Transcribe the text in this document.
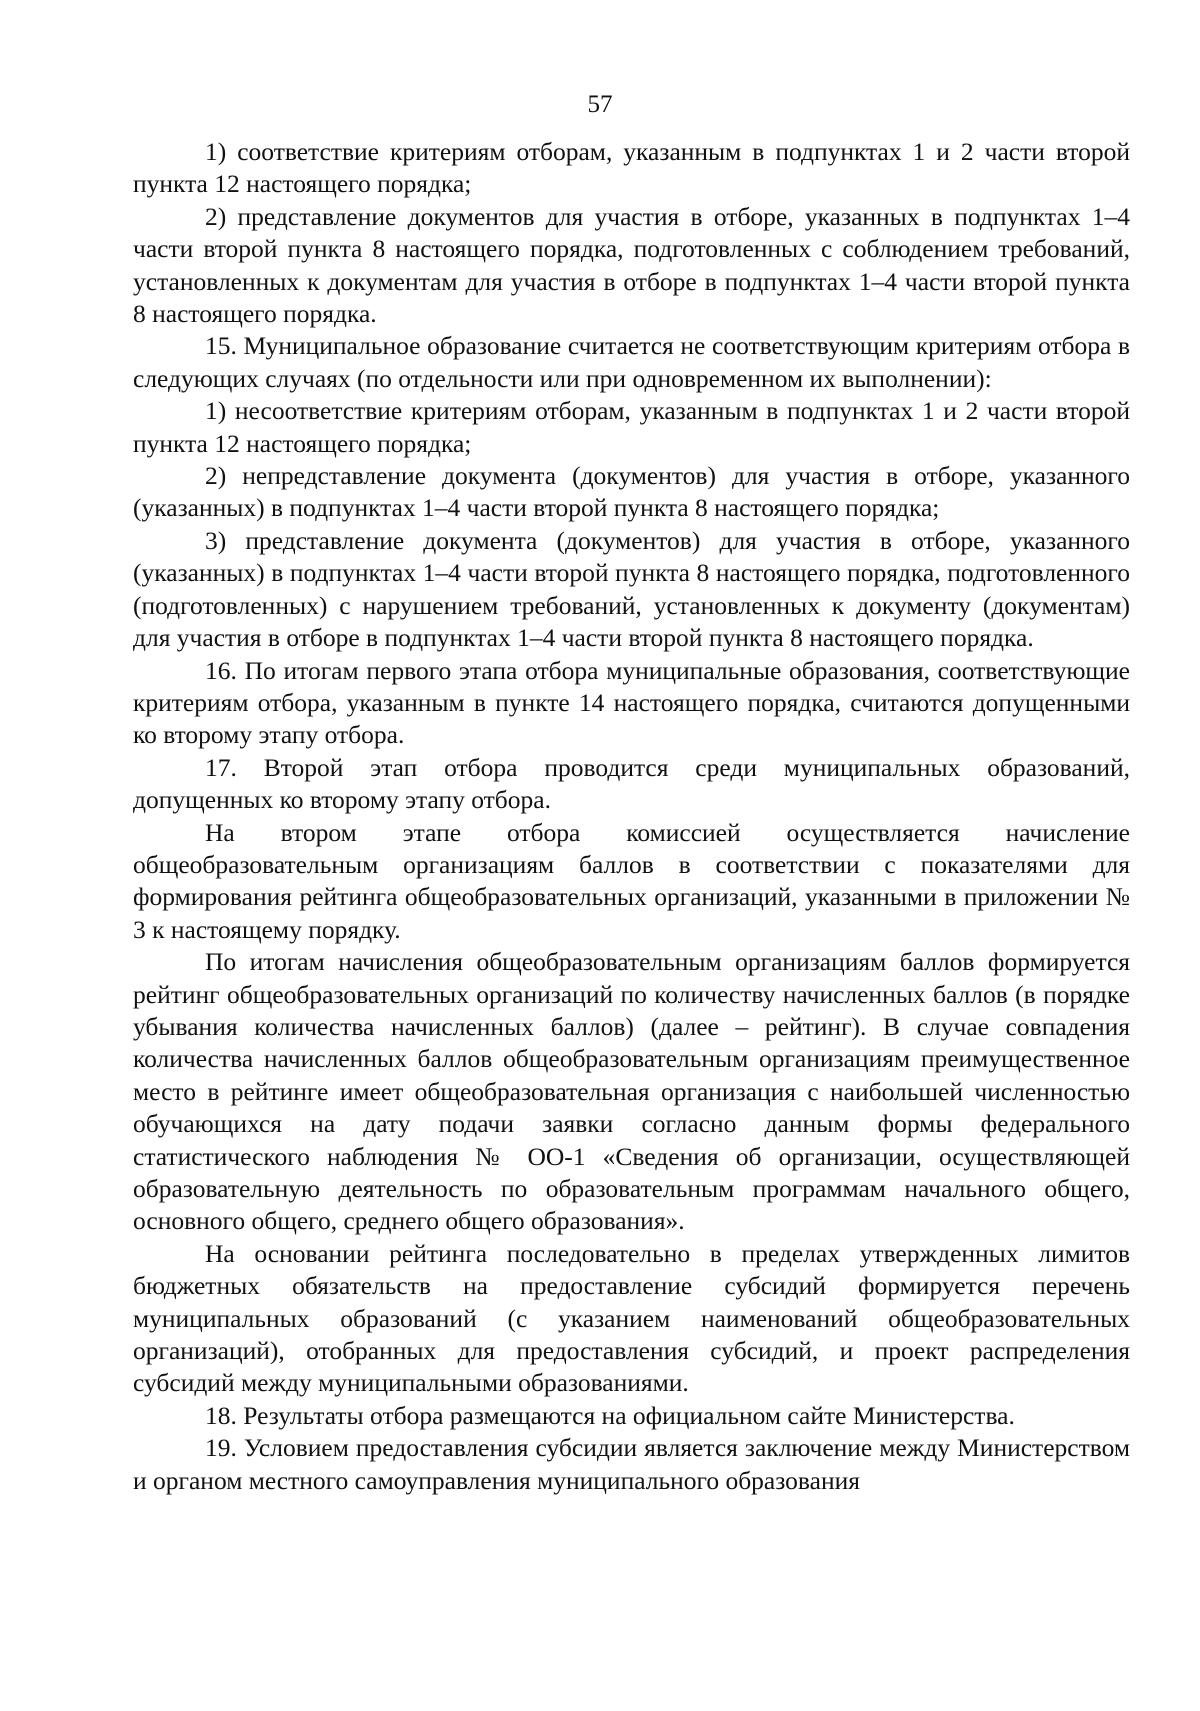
57

1) соответствие критериям отборам, указанным в подпунктах 1 и 2 части второй пункта 12 настоящего порядка;

2) представление документов для участия в отборе, указанных в подпунктах 1–4 части второй пункта 8 настоящего порядка, подготовленных с соблюдением требований, установленных к документам для участия в отборе в подпунктах 1–4 части второй пункта 8 настоящего порядка.

15. Муниципальное образование считается не соответствующим критериям отбора в следующих случаях (по отдельности или при одновременном их выполнении):

1) несоответствие критериям отборам, указанным в подпунктах 1 и 2 части второй пункта 12 настоящего порядка;

2) непредставление документа (документов) для участия в отборе, указанного (указанных) в подпунктах 1–4 части второй пункта 8 настоящего порядка;

3) представление документа (документов) для участия в отборе, указанного (указанных) в подпунктах 1–4 части второй пункта 8 настоящего порядка, подготовленного (подготовленных) с нарушением требований, установленных к документу (документам) для участия в отборе в подпунктах 1–4 части второй пункта 8 настоящего порядка.

16. По итогам первого этапа отбора муниципальные образования, соответствующие критериям отбора, указанным в пункте 14 настоящего порядка, считаются допущенными ко второму этапу отбора.

17. Второй этап отбора проводится среди муниципальных образований, допущенных ко второму этапу отбора.

На втором этапе отбора комиссией осуществляется начисление общеобразовательным организациям баллов в соответствии с показателями для формирования рейтинга общеобразовательных организаций, указанными в приложении № 3 к настоящему порядку.

По итогам начисления общеобразовательным организациям баллов формируется рейтинг общеобразовательных организаций по количеству начисленных баллов (в порядке убывания количества начисленных баллов) (далее – рейтинг). В случае совпадения количества начисленных баллов общеобразовательным организациям преимущественное место в рейтинге имеет общеобразовательная организация с наибольшей численностью обучающихся на дату подачи заявки согласно данным формы федерального статистического наблюдения № ОО-1 «Сведения об организации, осуществляющей образовательную деятельность по образовательным программам начального общего, основного общего, среднего общего образования».

На основании рейтинга последовательно в пределах утвержденных лимитов бюджетных обязательств на предоставление субсидий формируется перечень муниципальных образований (с указанием наименований общеобразовательных организаций), отобранных для предоставления субсидий, и проект распределения субсидий между муниципальными образованиями.

18. Результаты отбора размещаются на официальном сайте Министерства.

19. Условием предоставления субсидии является заключение между Министерством и органом местного самоуправления муниципального образования
